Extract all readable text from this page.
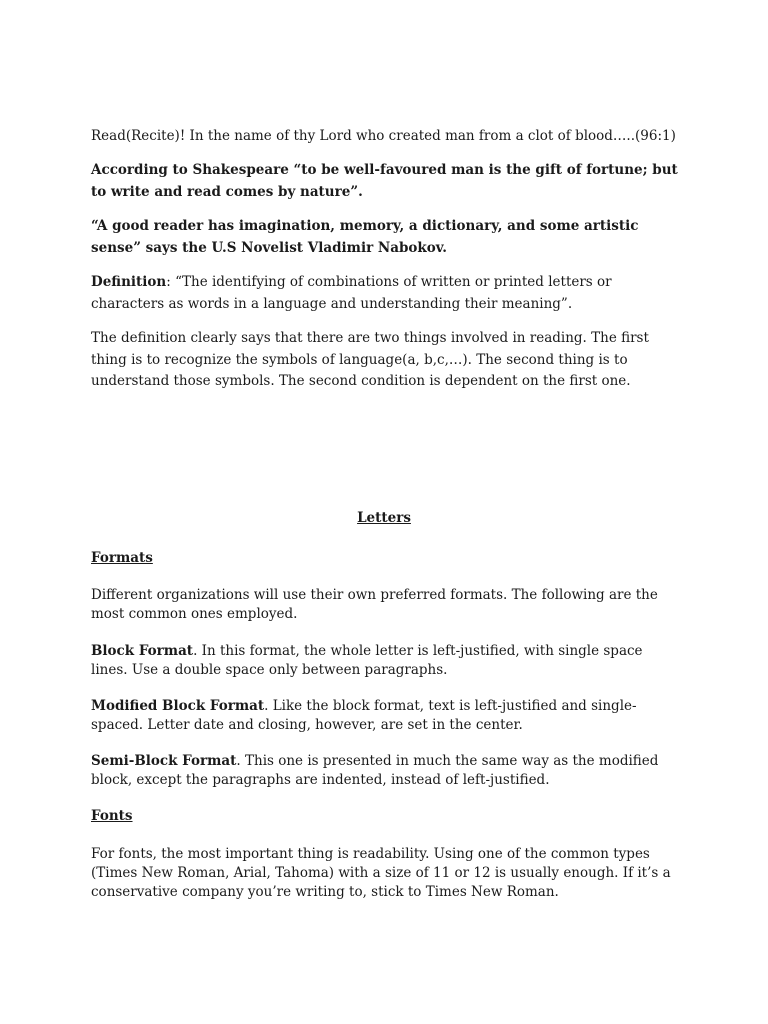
Read(Recite)! In the name of thy Lord who created man from a clot of blood…..(96:1)

According to Shakespeare “to be well-favoured man is the gift of fortune; but to write and read comes by nature”.

“A good reader has imagination, memory, a dictionary, and some artistic sense” says the U.S Novelist Vladimir Nabokov.

Definition: “The identifying of combinations of written or printed letters or characters as words in a language and understanding their meaning”.

The definition clearly says that there are two things involved in reading. The first thing is to recognize the symbols of language(a, b,c,…). The second thing is to understand those symbols. The second condition is dependent on the first one.

Letters

Formats

Different organizations will use their own preferred formats. The following are the most common ones employed.

Block Format. In this format, the whole letter is left-justified, with single space lines. Use a double space only between paragraphs.

Modified Block Format. Like the block format, text is left-justified and single-spaced. Letter date and closing, however, are set in the center.

Semi-Block Format. This one is presented in much the same way as the modified block, except the paragraphs are indented, instead of left-justified.

Fonts

For fonts, the most important thing is readability. Using one of the common types (Times New Roman, Arial, Tahoma) with a size of 11 or 12 is usually enough. If it’s a conservative company you’re writing to, stick to Times New Roman.
